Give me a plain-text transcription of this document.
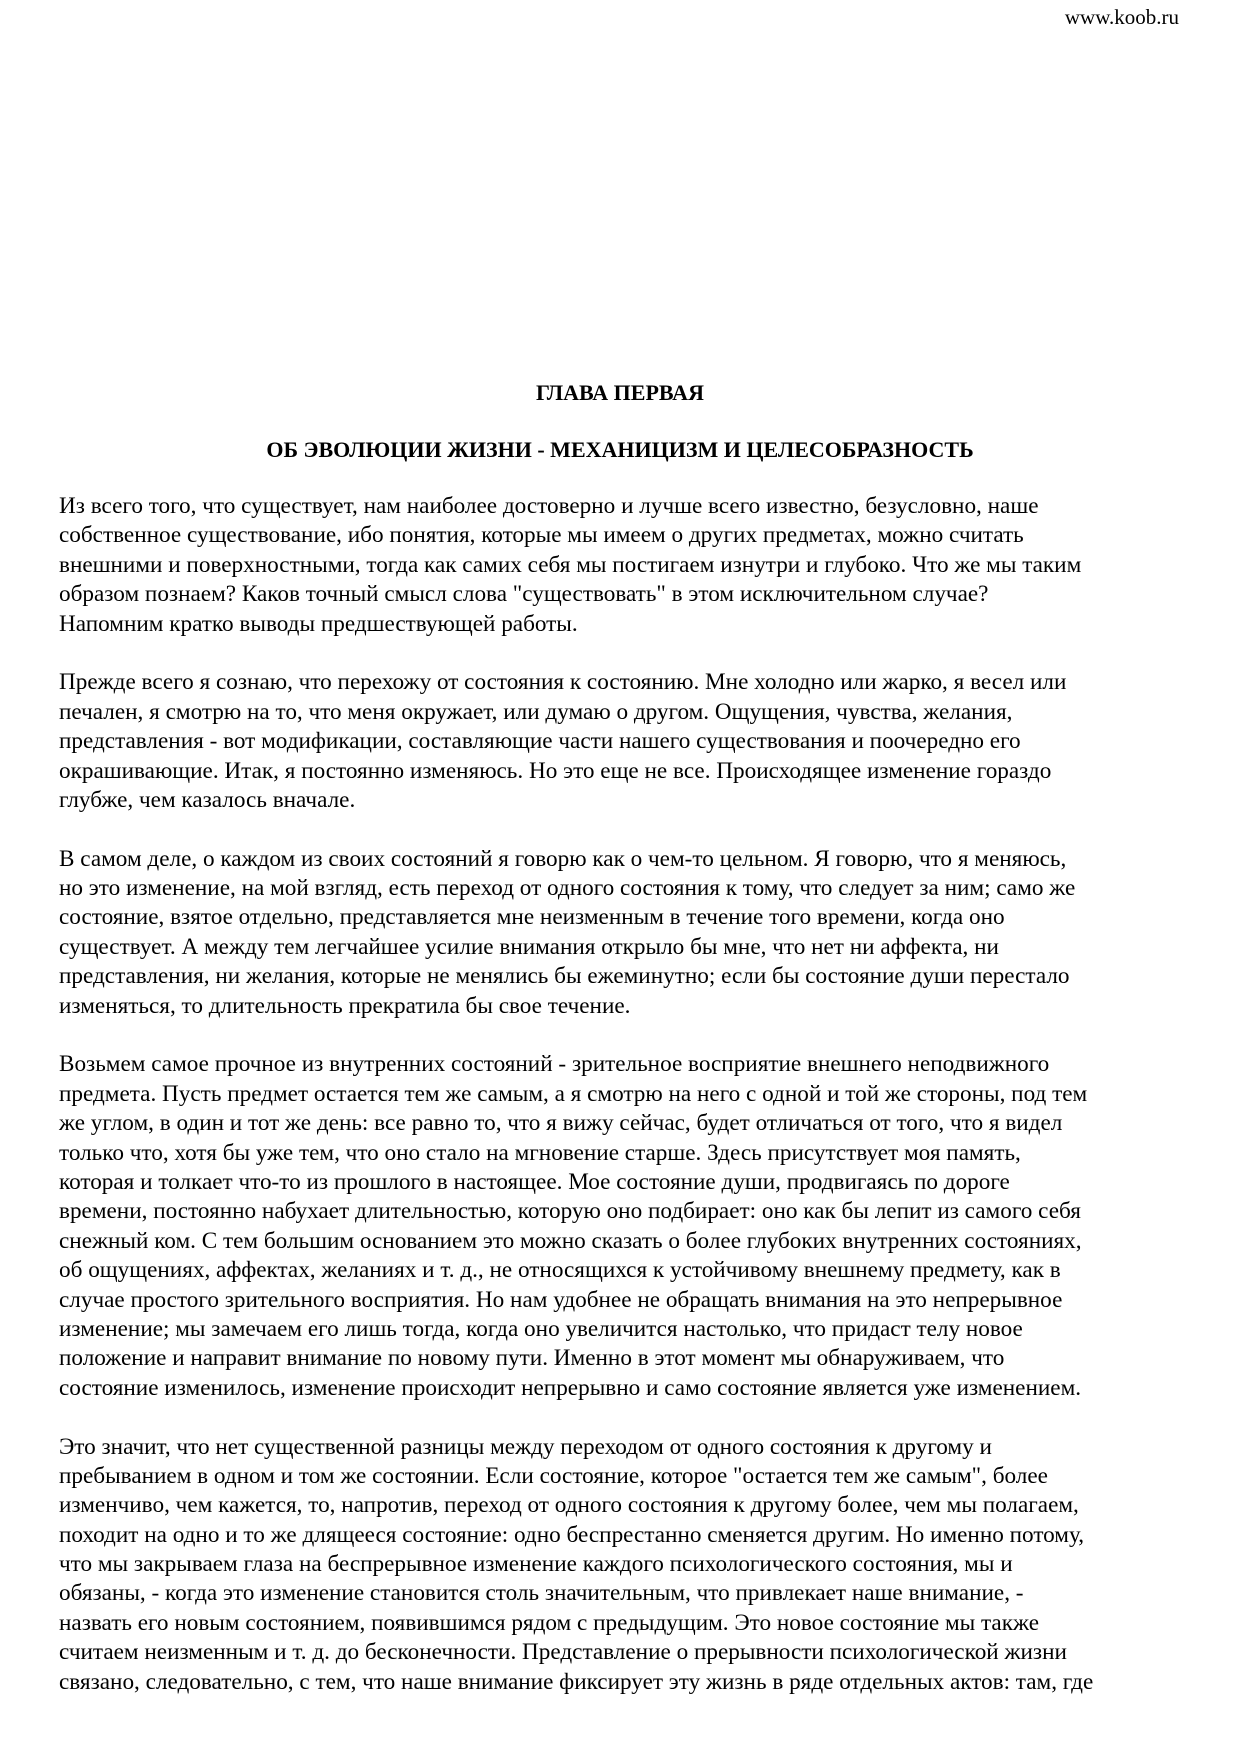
www.koob.ru
ГЛАВА ПЕРВАЯ
ОБ ЭВОЛЮЦИИ ЖИЗНИ - МЕХАНИЦИЗМ И ЦЕЛЕСОБРАЗНОСТЬ

Из всего того, что существует, нам наиболее достоверно и лучше всего известно, безусловно, наше
собственное существование, ибо понятия, которые мы имеем о других предметах, можно считать
внешними и поверхностными, тогда как самих себя мы постигаем изнутри и глубоко. Что же мы таким
образом познаем? Каков точный смысл слова "существовать" в этом исключительном случае?
Напомним кратко выводы предшествующей работы.

Прежде всего я сознаю, что перехожу от состояния к состоянию. Мне холодно или жарко, я весел или
печален, я смотрю на то, что меня окружает, или думаю о другом. Ощущения, чувства, желания,
представления - вот модификации, составляющие части нашего существования и поочередно его
окрашивающие. Итак, я постоянно изменяюсь. Но это еще не все. Происходящее изменение гораздо
глубже, чем казалось вначале.

В самом деле, о каждом из своих состояний я говорю как о чем-то цельном. Я говорю, что я меняюсь,
но это изменение, на мой взгляд, есть переход от одного состояния к тому, что следует за ним; само же
состояние, взятое отдельно, представляется мне неизменным в течение того времени, когда оно
существует. А между тем легчайшее усилие внимания открыло бы мне, что нет ни аффекта, ни
представления, ни желания, которые не менялись бы ежеминутно; если бы состояние души перестало
изменяться, то длительность прекратила бы свое течение.

Возьмем самое прочное из внутренних состояний - зрительное восприятие внешнего неподвижного
предмета. Пусть предмет остается тем же самым, а я смотрю на него с одной и той же стороны, под тем
же углом, в один и тот же день: все равно то, что я вижу сейчас, будет отличаться от того, что я видел
только что, хотя бы уже тем, что оно стало на мгновение старше. Здесь присутствует моя память,
которая и толкает что-то из прошлого в настоящее. Мое состояние души, продвигаясь по дороге
времени, постоянно набухает длительностью, которую оно подбирает: оно как бы лепит из самого себя
снежный ком. С тем большим основанием это можно сказать о более глубоких внутренних состояниях,
об ощущениях, аффектах, желаниях и т. д., не относящихся к устойчивому внешнему предмету, как в
случае простого зрительного восприятия. Но нам удобнее не обращать внимания на это непрерывное
изменение; мы замечаем его лишь тогда, когда оно увеличится настолько, что придаст телу новое
положение и направит внимание по новому пути. Именно в этот момент мы обнаруживаем, что
состояние изменилось, изменение происходит непрерывно и само состояние является уже изменением.

Это значит, что нет существенной разницы между переходом от одного состояния к другому и
пребыванием в одном и том же состоянии. Если состояние, которое "остается тем же самым", более
изменчиво, чем кажется, то, напротив, переход от одного состояния к другому более, чем мы полагаем,
походит на одно и то же длящееся состояние: одно беспрестанно сменяется другим. Но именно потому,
что мы закрываем глаза на беспрерывное изменение каждого психологического состояния, мы и
обязаны, - когда это изменение становится столь значительным, что привлекает наше внимание, -
назвать его новым состоянием, появившимся рядом с предыдущим. Это новое состояние мы также
считаем неизменным и т. д. до бесконечности. Представление о прерывности психологической жизни
связано, следовательно, с тем, что наше внимание фиксирует эту жизнь в ряде отдельных актов: там, где
